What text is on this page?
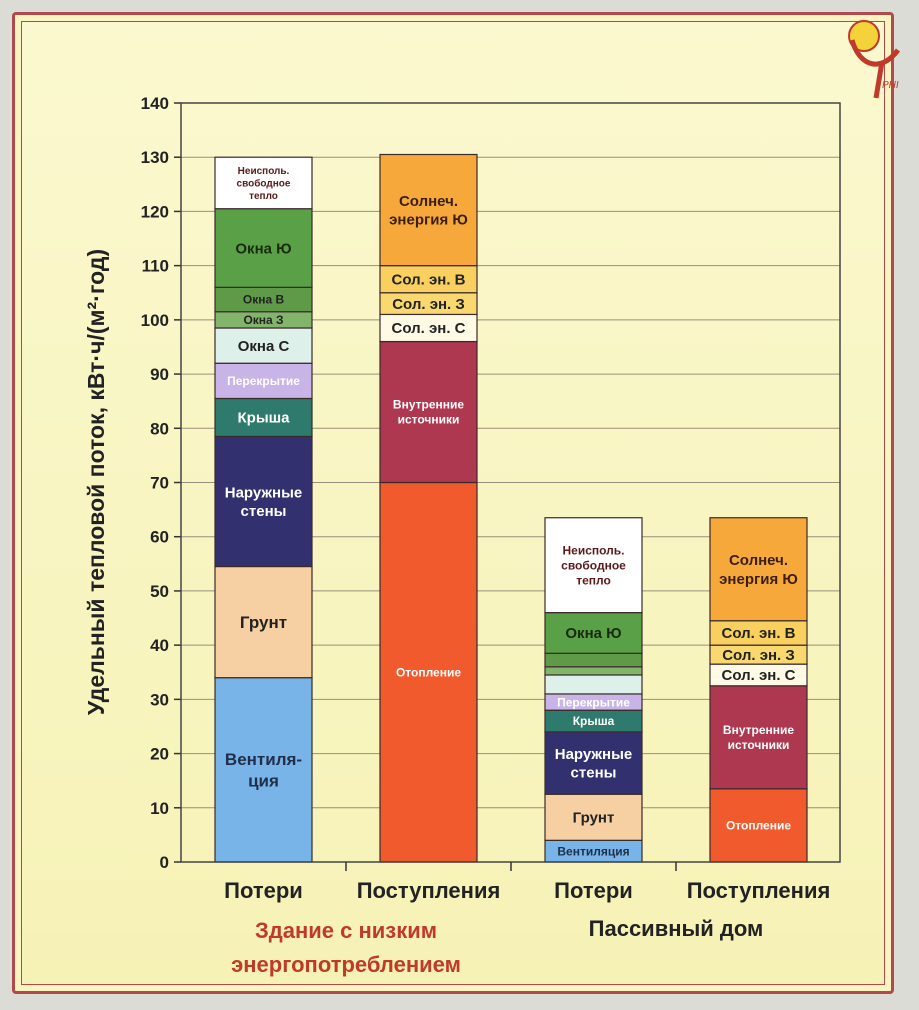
PHI
Вентиля-
ция
Грунт
Наружные
стены
Крыша
Перекрытие
Окна С
Окна З
Окна В
Окна Ю
Неисполь.
свободное
тепло
Отопление
Внутренние
источники
Сол. эн. С
Сол. эн. З
Сол. эн. В
Солнеч.
энергия Ю
Вентиляция
Грунт
Наружные
стены
Крыша
Перекрытие
Окна Ю
Неисполь.
свободное
тепло
Отопление
Внутренние
источники
Сол. эн. С
Сол. эн. З
Сол. эн. В
Солнеч.
энергия Ю
0
10
20
30
40
50
60
70
80
90
100
110
120
130
140
Потери Поступления Потери Поступления
Здание с низким
энергопотреблением
Пассивный дом
Удельный тепловой поток, кВт·ч/(м²·год)
